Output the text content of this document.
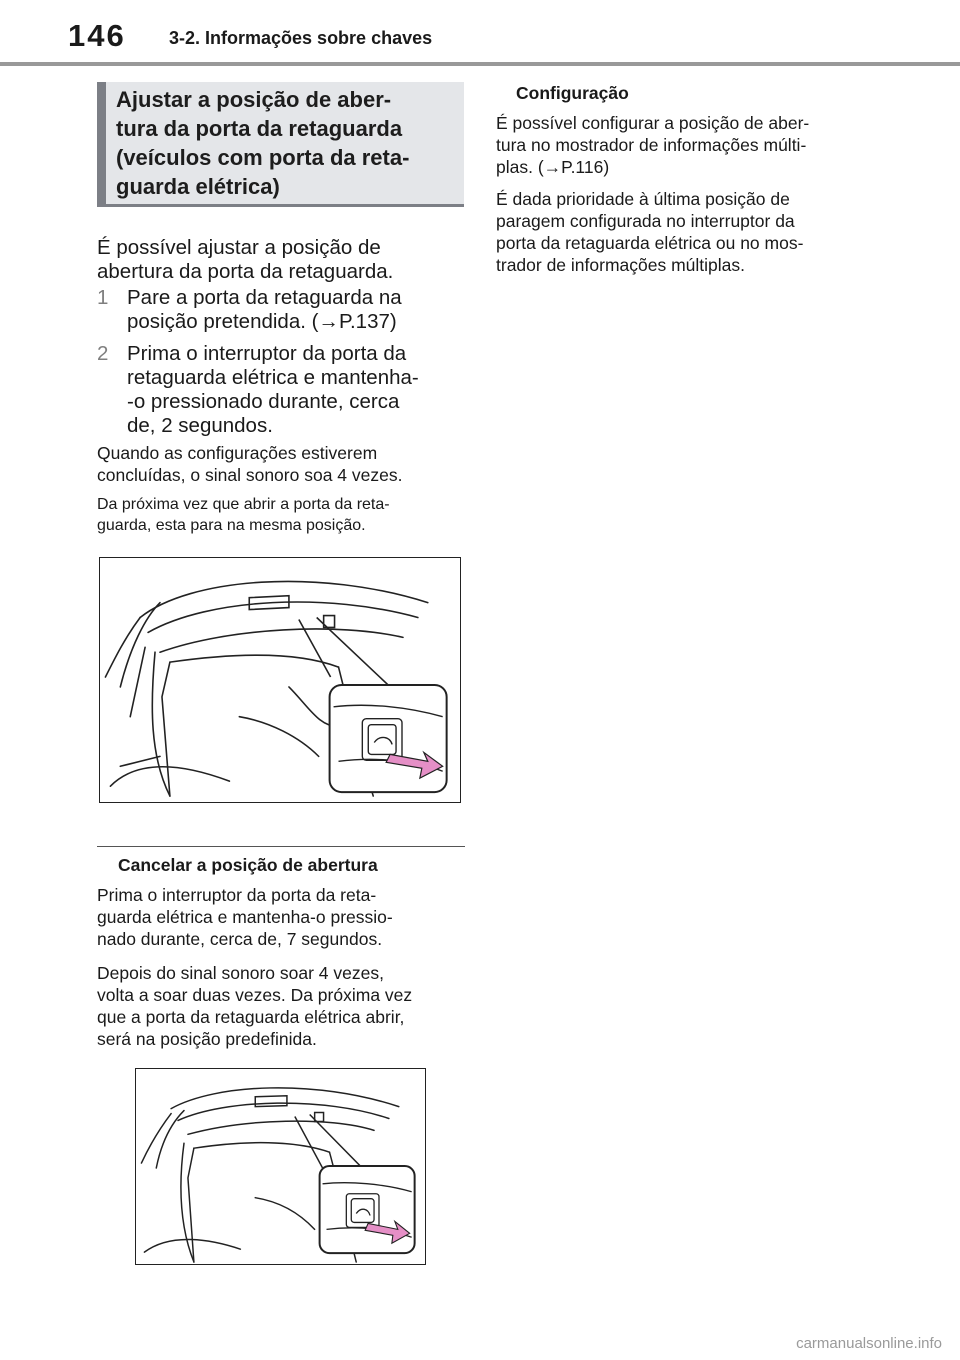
146 3-2. Informações sobre chaves
Ajustar a posição de aber-
tura da porta da retaguarda
(veículos com porta da reta-
guarda elétrica)

É possível ajustar a posição de

abertura da porta da retaguarda.

1 Pare a porta da retaguarda na
posição pretendida. (→P.137)
2 Prima o interruptor da porta da
retaguarda elétrica e mantenha-
-o pressionado durante, cerca
de, 2 segundos.

Quando as configurações estiverem

concluídas, o sinal sonoro soa 4 vezes.

Da próxima vez que abrir a porta da reta-

guarda, esta para na mesma posição.

Cancelar a posição de abertura

Prima o interruptor da porta da reta-

guarda elétrica e mantenha-o pressio-

nado durante, cerca de, 7 segundos.

Depois do sinal sonoro soar 4 vezes,

volta a soar duas vezes. Da próxima vez

que a porta da retaguarda elétrica abrir,

será na posição predefinida.

Configuração

É possível configurar a posição de aber-

tura no mostrador de informações múlti-

plas. (→P.116)

É dada prioridade à última posição de

paragem configurada no interruptor da

porta da retaguarda elétrica ou no mos-

trador de informações múltiplas.

carmanualsonline.info
